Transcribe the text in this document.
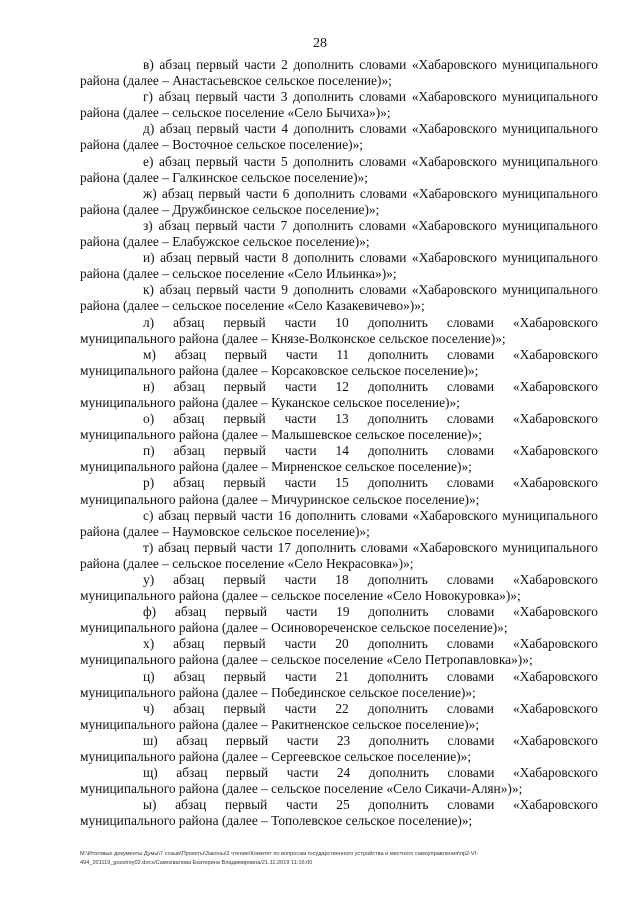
28

в) абзац первый части 2 дополнить словами «Хабаровского муниципального
района (далее – Анастасьевское сельское поселение)»;

г) абзац первый части 3 дополнить словами «Хабаровского муниципального
района (далее – сельское поселение «Село Бычиха»)»;

д) абзац первый части 4 дополнить словами «Хабаровского муниципального
района (далее – Восточное сельское поселение)»;

е) абзац первый части 5 дополнить словами «Хабаровского муниципального
района (далее – Галкинское сельское поселение)»;

ж) абзац первый части 6 дополнить словами «Хабаровского муниципального
района (далее – Дружбинское сельское поселение)»;

з) абзац первый части 7 дополнить словами «Хабаровского муниципального
района (далее – Елабужское сельское поселение)»;

и) абзац первый части 8 дополнить словами «Хабаровского муниципального
района (далее – сельское поселение «Село Ильинка»)»;

к) абзац первый части 9 дополнить словами «Хабаровского муниципального
района (далее – сельское поселение «Село Казакевичево»)»;

л) абзац первый части 10 дополнить словами «Хабаровского
муниципального района (далее – Князе-Волконское сельское поселение)»;

м) абзац первый части 11 дополнить словами «Хабаровского
муниципального района (далее – Корсаковское сельское поселение)»;

н) абзац первый части 12 дополнить словами «Хабаровского
муниципального района (далее – Куканское сельское поселение)»;

о) абзац первый части 13 дополнить словами «Хабаровского
муниципального района (далее – Малышевское сельское поселение)»;

п) абзац первый части 14 дополнить словами «Хабаровского
муниципального района (далее – Мирненское сельское поселение)»;

р) абзац первый части 15 дополнить словами «Хабаровского
муниципального района (далее – Мичуринское сельское поселение)»;

с) абзац первый части 16 дополнить словами «Хабаровского муниципального
района (далее – Наумовское сельское поселение)»;

т) абзац первый части 17 дополнить словами «Хабаровского муниципального
района (далее – сельское поселение «Село Некрасовка»)»;

у) абзац первый части 18 дополнить словами «Хабаровского
муниципального района (далее – сельское поселение «Село Новокуровка»)»;

ф) абзац первый части 19 дополнить словами «Хабаровского
муниципального района (далее – Осиновореченское сельское поселение)»;

х) абзац первый части 20 дополнить словами «Хабаровского
муниципального района (далее – сельское поселение «Село Петропавловка»)»;

ц) абзац первый части 21 дополнить словами «Хабаровского
муниципального района (далее – Побединское сельское поселение)»;

ч) абзац первый части 22 дополнить словами «Хабаровского
муниципального района (далее – Ракитненское сельское поселение)»;

ш) абзац первый части 23 дополнить словами «Хабаровского
муниципального района (далее – Сергеевское сельское поселение)»;

щ) абзац первый части 24 дополнить словами «Хабаровского
муниципального района (далее – сельское поселение «Село Сикачи-Алян»)»;

ы) абзац первый части 25 дополнить словами «Хабаровского
муниципального района (далее – Тополевское сельское поселение)»;

М:\Итоговые документы Думы\7 созыв\Проекты\Законы\2 чтение\Комитет по вопросам государственного устройства и местного самоуправления\пр2-VI-
494_201119_gosstroy02.docx/Самохвалова Екатерина Владимировна/21.11.2019 11:16:00
